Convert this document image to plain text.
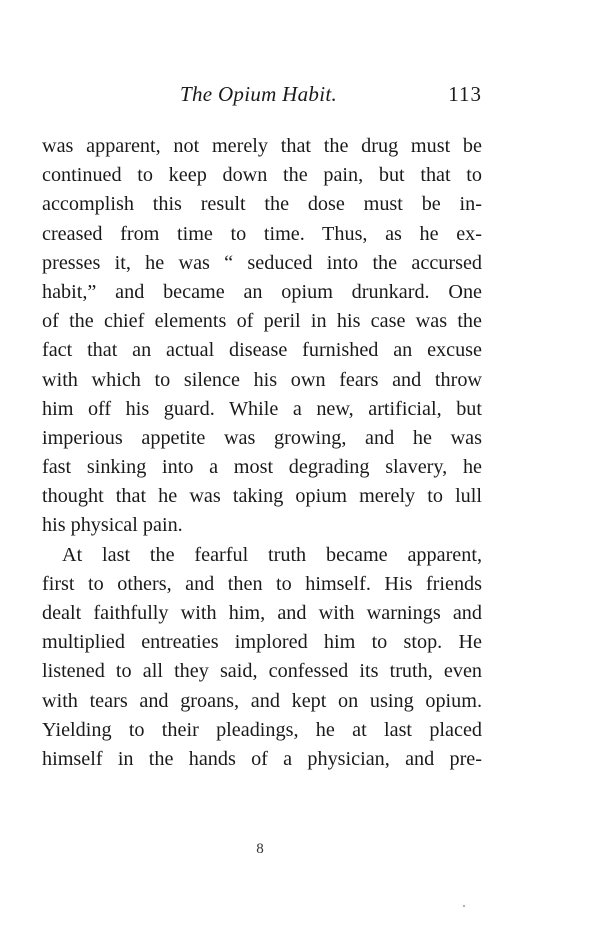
The Opium Habit.	113
was apparent, not merely that the drug must be
continued to keep down the pain, but that to
accomplish this result the dose must be in-
creased from time to time. Thus, as he ex-
presses it, he was “ seduced into the accursed
habit,” and became an opium drunkard. One
of the chief elements of peril in his case was the
fact that an actual disease furnished an excuse
with which to silence his own fears and throw
him off his guard. While a new, artificial, but
imperious appetite was growing, and he was
fast sinking into a most degrading slavery, he
thought that he was taking opium merely to lull
his physical pain.
At last the fearful truth became apparent,
first to others, and then to himself. His friends
dealt faithfully with him, and with warnings and
multiplied entreaties implored him to stop. He
listened to all they said, confessed its truth, even
with tears and groans, and kept on using opium.
Yielding to their pleadings, he at last placed
himself in the hands of a physician, and pre-
8
